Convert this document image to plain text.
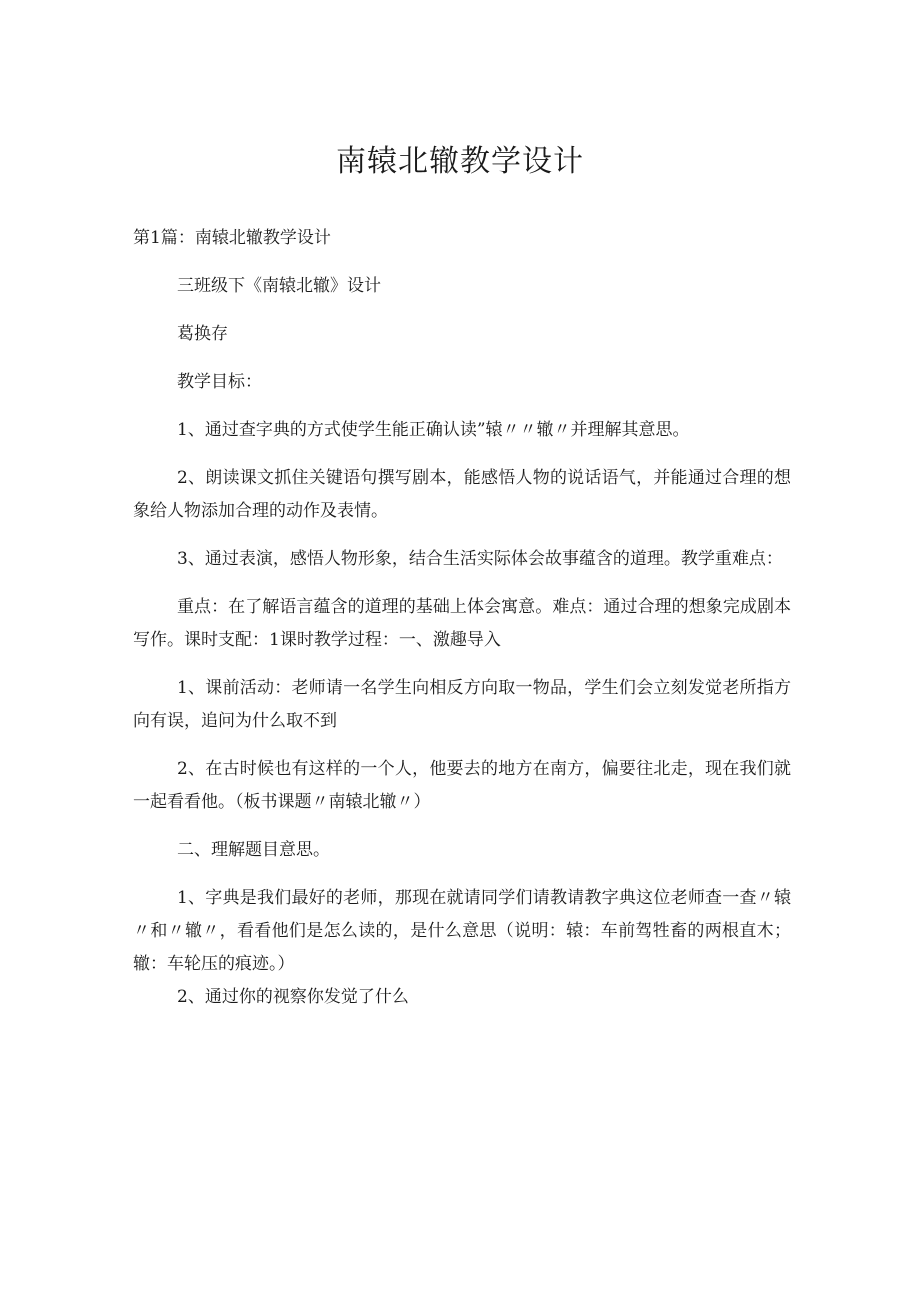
南辕北辙教学设计

第1篇：南辕北辙教学设计

三班级下《南辕北辙》设计

葛换存

教学目标：

1、通过查字典的方式使学生能正确认读”辕〃〃辙〃并理解其意思。

2、朗读课文抓住关键语句撰写剧本，能感悟人物的说话语气，并能通过合理的想象给人物添加合理的动作及表情。

3、通过表演，感悟人物形象，结合生活实际体会故事蕴含的道理。教学重难点：

重点：在了解语言蕴含的道理的基础上体会寓意。难点：通过合理的想象完成剧本写作。课时支配：1课时教学过程：一、激趣导入

1、课前活动：老师请一名学生向相反方向取一物品，学生们会立刻发觉老所指方向有误，追问为什么取不到

2、在古时候也有这样的一个人，他要去的地方在南方，偏要往北走，现在我们就一起看看他。（板书课题〃南辕北辙〃）

二、理解题目意思。

1、字典是我们最好的老师，那现在就请同学们请教请教字典这位老师查一查〃辕〃和〃辙〃，看看他们是怎么读的，是什么意思（说明：辕：车前驾牲畜的两根直木；辙：车轮压的痕迹。）

2、通过你的视察你发觉了什么
